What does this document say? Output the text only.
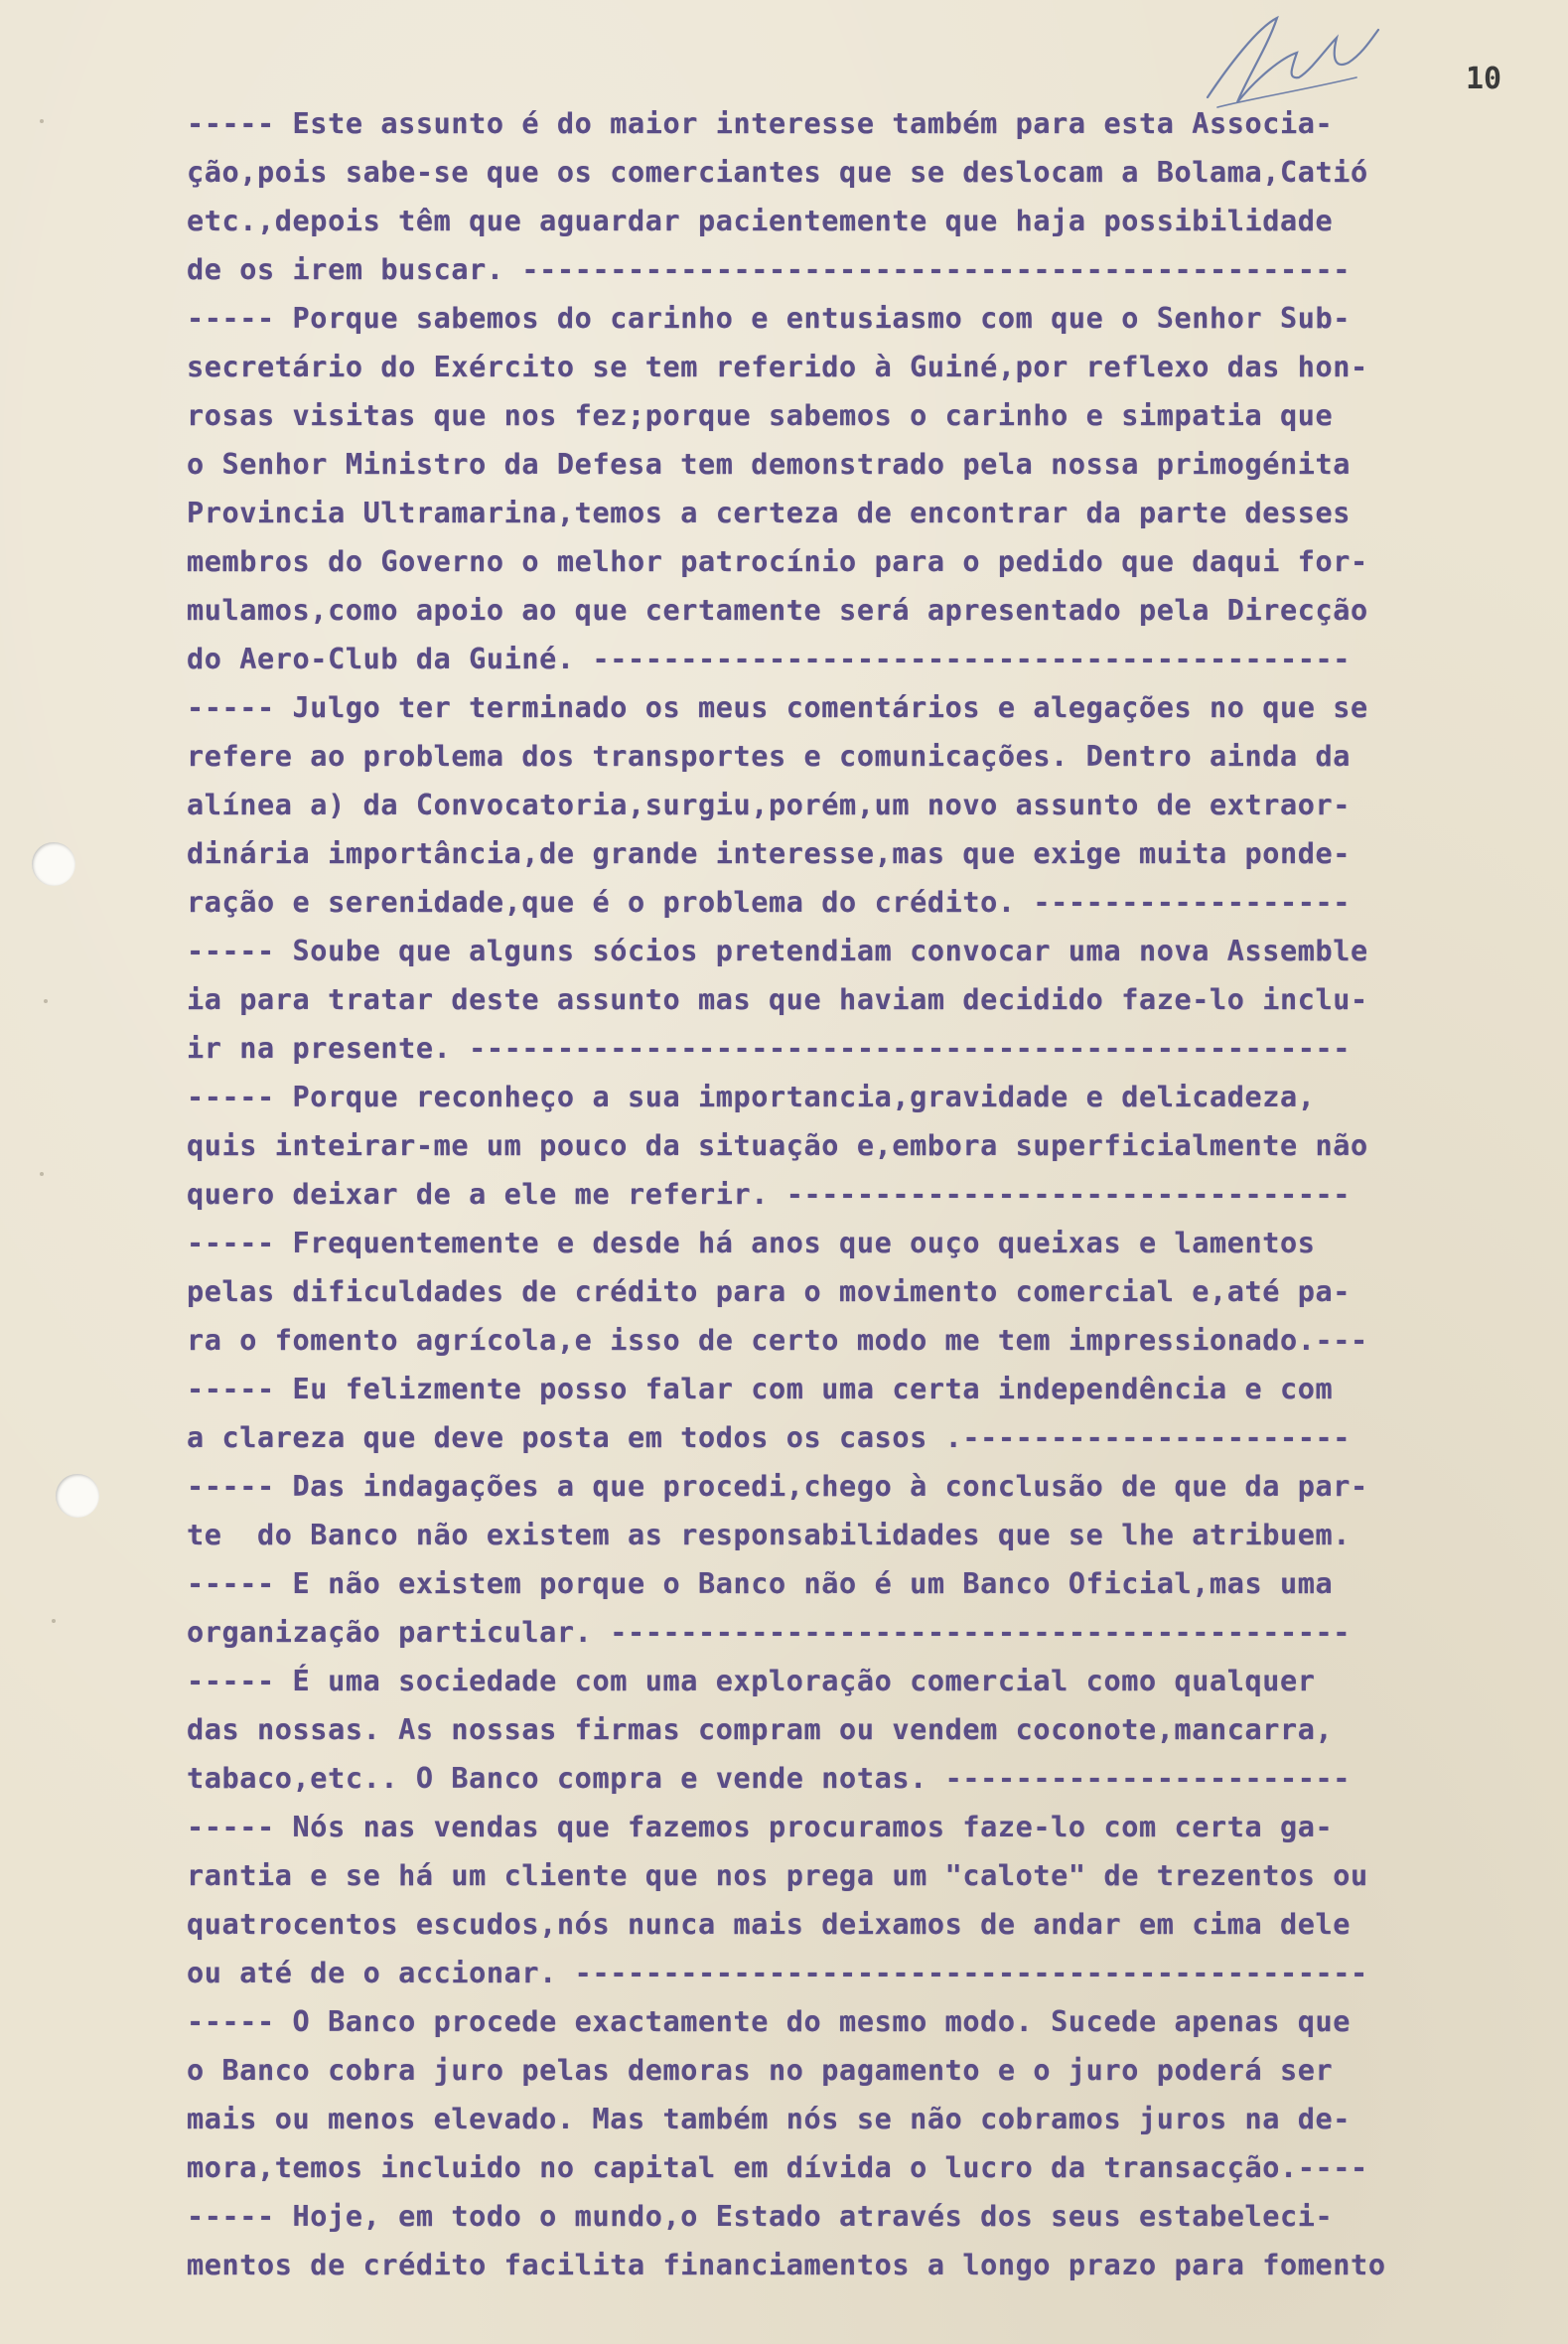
10
----- Este assunto é do maior interesse também para esta Associa-
ção,pois sabe-se que os comerciantes que se deslocam a Bolama,Catió
etc.,depois têm que aguardar pacientemente que haja possibilidade
de os irem buscar. -----------------------------------------------
----- Porque sabemos do carinho e entusiasmo com que o Senhor Sub-
secretário do Exército se tem referido à Guiné,por reflexo das hon-
rosas visitas que nos fez;porque sabemos o carinho e simpatia que
o Senhor Ministro da Defesa tem demonstrado pela nossa primogénita
Provincia Ultramarina,temos a certeza de encontrar da parte desses
membros do Governo o melhor patrocínio para o pedido que daqui for-
mulamos,como apoio ao que certamente será apresentado pela Direcção
do Aero-Club da Guiné. -------------------------------------------
----- Julgo ter terminado os meus comentários e alegações no que se
refere ao problema dos transportes e comunicações. Dentro ainda da
alínea a) da Convocatoria,surgiu,porém,um novo assunto de extraor-
dinária importância,de grande interesse,mas que exige muita ponde-
ração e serenidade,que é o problema do crédito. ------------------
----- Soube que alguns sócios pretendiam convocar uma nova Assemble
ia para tratar deste assunto mas que haviam decidido faze-lo inclu-
ir na presente. --------------------------------------------------
----- Porque reconheço a sua importancia,gravidade e delicadeza,
quis inteirar-me um pouco da situação e,embora superficialmente não
quero deixar de a ele me referir. --------------------------------
----- Frequentemente e desde há anos que ouço queixas e lamentos
pelas dificuldades de crédito para o movimento comercial e,até pa-
ra o fomento agrícola,e isso de certo modo me tem impressionado.---
----- Eu felizmente posso falar com uma certa independência e com
a clareza que deve posta em todos os casos .----------------------
----- Das indagações a que procedi,chego à conclusão de que da par-
te  do Banco não existem as responsabilidades que se lhe atribuem.
----- E não existem porque o Banco não é um Banco Oficial,mas uma
organização particular. ------------------------------------------
----- É uma sociedade com uma exploração comercial como qualquer
das nossas. As nossas firmas compram ou vendem coconote,mancarra,
tabaco,etc.. O Banco compra e vende notas. -----------------------
----- Nós nas vendas que fazemos procuramos faze-lo com certa ga-
rantia e se há um cliente que nos prega um "calote" de trezentos ou
quatrocentos escudos,nós nunca mais deixamos de andar em cima dele
ou até de o accionar. ---------------------------------------------
----- O Banco procede exactamente do mesmo modo. Sucede apenas que
o Banco cobra juro pelas demoras no pagamento e o juro poderá ser
mais ou menos elevado. Mas também nós se não cobramos juros na de-
mora,temos incluido no capital em dívida o lucro da transacção.----
----- Hoje, em todo o mundo,o Estado através dos seus estabeleci-
mentos de crédito facilita financiamentos a longo prazo para fomento
